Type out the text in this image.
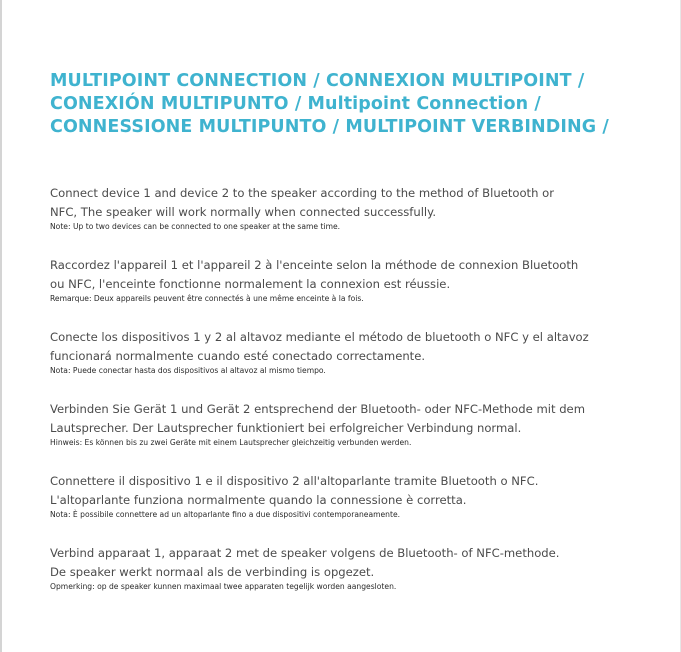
MULTIPOINT CONNECTION / CONNEXION MULTIPOINT /
CONEXIÓN MULTIPUNTO / Multipoint Connection /
CONNESSIONE MULTIPUNTO / MULTIPOINT VERBINDING /
Connect device 1 and device 2 to the speaker according to the method of Bluetooth or
NFC, The speaker will work normally when connected successfully.
Note: Up to two devices can be connected to one speaker at the same time.
Raccordez l'appareil 1 et l'appareil 2 à l'enceinte selon la méthode de connexion Bluetooth
ou NFC, l'enceinte fonctionne normalement la connexion est réussie.
Remarque: Deux appareils peuvent être connectés à une même enceinte à la fois.
Conecte los dispositivos 1 y 2 al altavoz mediante el método de bluetooth o NFC y el altavoz
funcionará normalmente cuando esté conectado correctamente.
Nota: Puede conectar hasta dos dispositivos al altavoz al mismo tiempo.
Verbinden Sie Gerät 1 und Gerät 2 entsprechend der Bluetooth- oder NFC-Methode mit dem
Lautsprecher. Der Lautsprecher funktioniert bei erfolgreicher Verbindung normal.
Hinweis: Es können bis zu zwei Geräte mit einem Lautsprecher gleichzeitig verbunden werden.
Connettere il dispositivo 1 e il dispositivo 2 all'altoparlante tramite Bluetooth o NFC.
L'altoparlante funziona normalmente quando la connessione è corretta.
Nota: È possibile connettere ad un altoparlante fino a due dispositivi contemporaneamente.
Verbind apparaat 1, apparaat 2 met de speaker volgens de Bluetooth- of NFC-methode.
De speaker werkt normaal als de verbinding is opgezet.
Opmerking: op de speaker kunnen maximaal twee apparaten tegelijk worden aangesloten.
